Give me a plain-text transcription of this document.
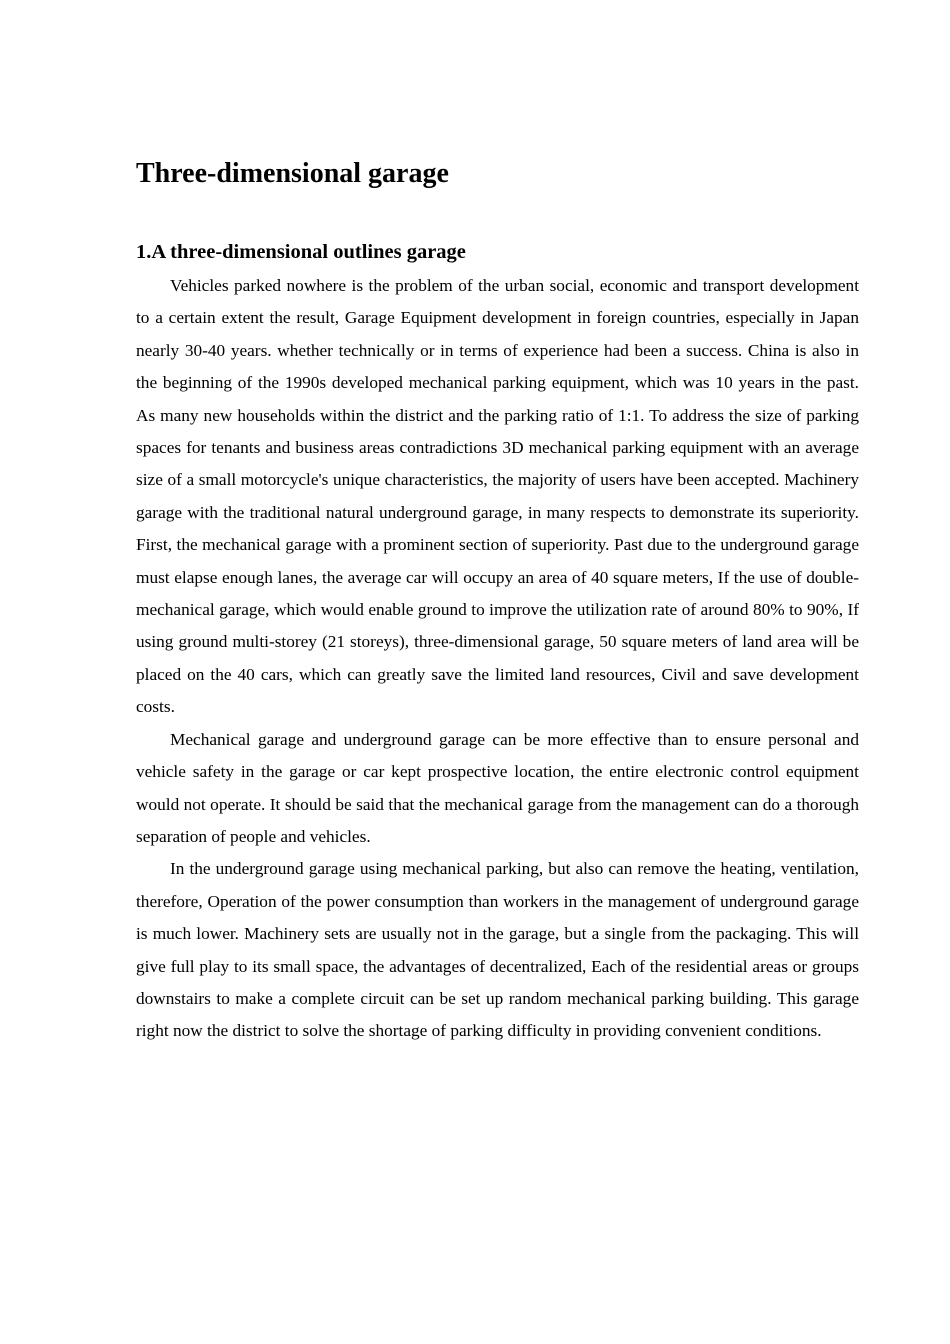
Three-dimensional garage
1.A three-dimensional outlines garage

Vehicles parked nowhere is the problem of the urban social, economic and transport development to a certain extent the result, Garage Equipment development in foreign countries, especially in Japan nearly 30-40 years. whether technically or in terms of experience had been a success. China is also in the beginning of the 1990s developed mechanical parking equipment, which was 10 years in the past. As many new households within the district and the parking ratio of 1:1. To address the size of parking spaces for tenants and business areas contradictions 3D mechanical parking equipment with an average size of a small motorcycle's unique characteristics, the majority of users have been accepted. Machinery garage with the traditional natural underground garage, in many respects to demonstrate its superiority. First, the mechanical garage with a prominent section of superiority. Past due to the underground garage must elapse enough lanes, the average car will occupy an area of 40 square meters, If the use of double-mechanical garage, which would enable ground to improve the utilization rate of around 80% to 90%, If using ground multi-storey (21 storeys), three-dimensional garage, 50 square meters of land area will be placed on the 40 cars, which can greatly save the limited land resources, Civil and save development costs.

Mechanical garage and underground garage can be more effective than to ensure personal and vehicle safety in the garage or car kept prospective location, the entire electronic control equipment would not operate. It should be said that the mechanical garage from the management can do a thorough separation of people and vehicles.

In the underground garage using mechanical parking, but also can remove the heating, ventilation, therefore, Operation of the power consumption than workers in the management of underground garage is much lower. Machinery sets are usually not in the garage, but a single from the packaging. This will give full play to its small space, the advantages of decentralized, Each of the residential areas or groups downstairs to make a complete circuit can be set up random mechanical parking building. This garage right now the district to solve the shortage of parking difficulty in providing convenient conditions.
